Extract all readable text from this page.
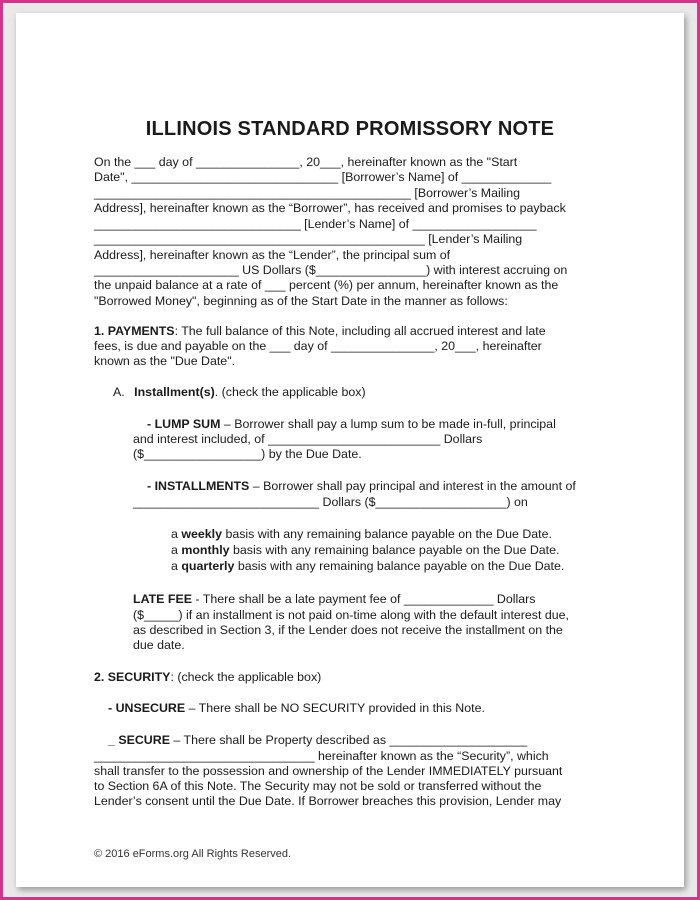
ILLINOIS STANDARD PROMISSORY NOTE
On the ___ day of _______________, 20___, hereinafter known as the "Start
Date", ______________________________ [Borrower’s Name] of _____________
______________________________________________ [Borrower’s Mailing
Address], hereinafter known as the “Borrower”, has received and promises to payback
______________________________ [Lender’s Name] of __________________
________________________________________________ [Lender’s Mailing
Address], hereinafter known as the “Lender”, the principal sum of
_____________________ US Dollars ($________________) with interest accruing on
the unpaid balance at a rate of ___ percent (%) per annum, hereinafter known as the
"Borrowed Money", beginning as of the Start Date in the manner as follows:
1. PAYMENTS: The full balance of this Note, including all accrued interest and late
fees, is due and payable on the ___ day of _______________, 20___, hereinafter
known as the "Due Date".
A. Installment(s). (check the applicable box)
- LUMP SUM – Borrower shall pay a lump sum to be made in-full, principal
and interest included, of _________________________ Dollars
($_________________) by the Due Date.
- INSTALLMENTS – Borrower shall pay principal and interest in the amount of
___________________________ Dollars ($___________________) on
a weekly basis with any remaining balance payable on the Due Date.
a monthly basis with any remaining balance payable on the Due Date.
a quarterly basis with any remaining balance payable on the Due Date.
LATE FEE - There shall be a late payment fee of _____________ Dollars
($_____) if an installment is not paid on-time along with the default interest due,
as described in Section 3, if the Lender does not receive the installment on the
due date.
2. SECURITY: (check the applicable box)
- UNSECURE – There shall be NO SECURITY provided in this Note.
_ SECURE – There shall be Property described as ____________________
________________________________ hereinafter known as the “Security”, which
shall transfer to the possession and ownership of the Lender IMMEDIATELY pursuant
to Section 6A of this Note. The Security may not be sold or transferred without the
Lender’s consent until the Due Date. If Borrower breaches this provision, Lender may
© 2016 eForms.org All Rights Reserved.
